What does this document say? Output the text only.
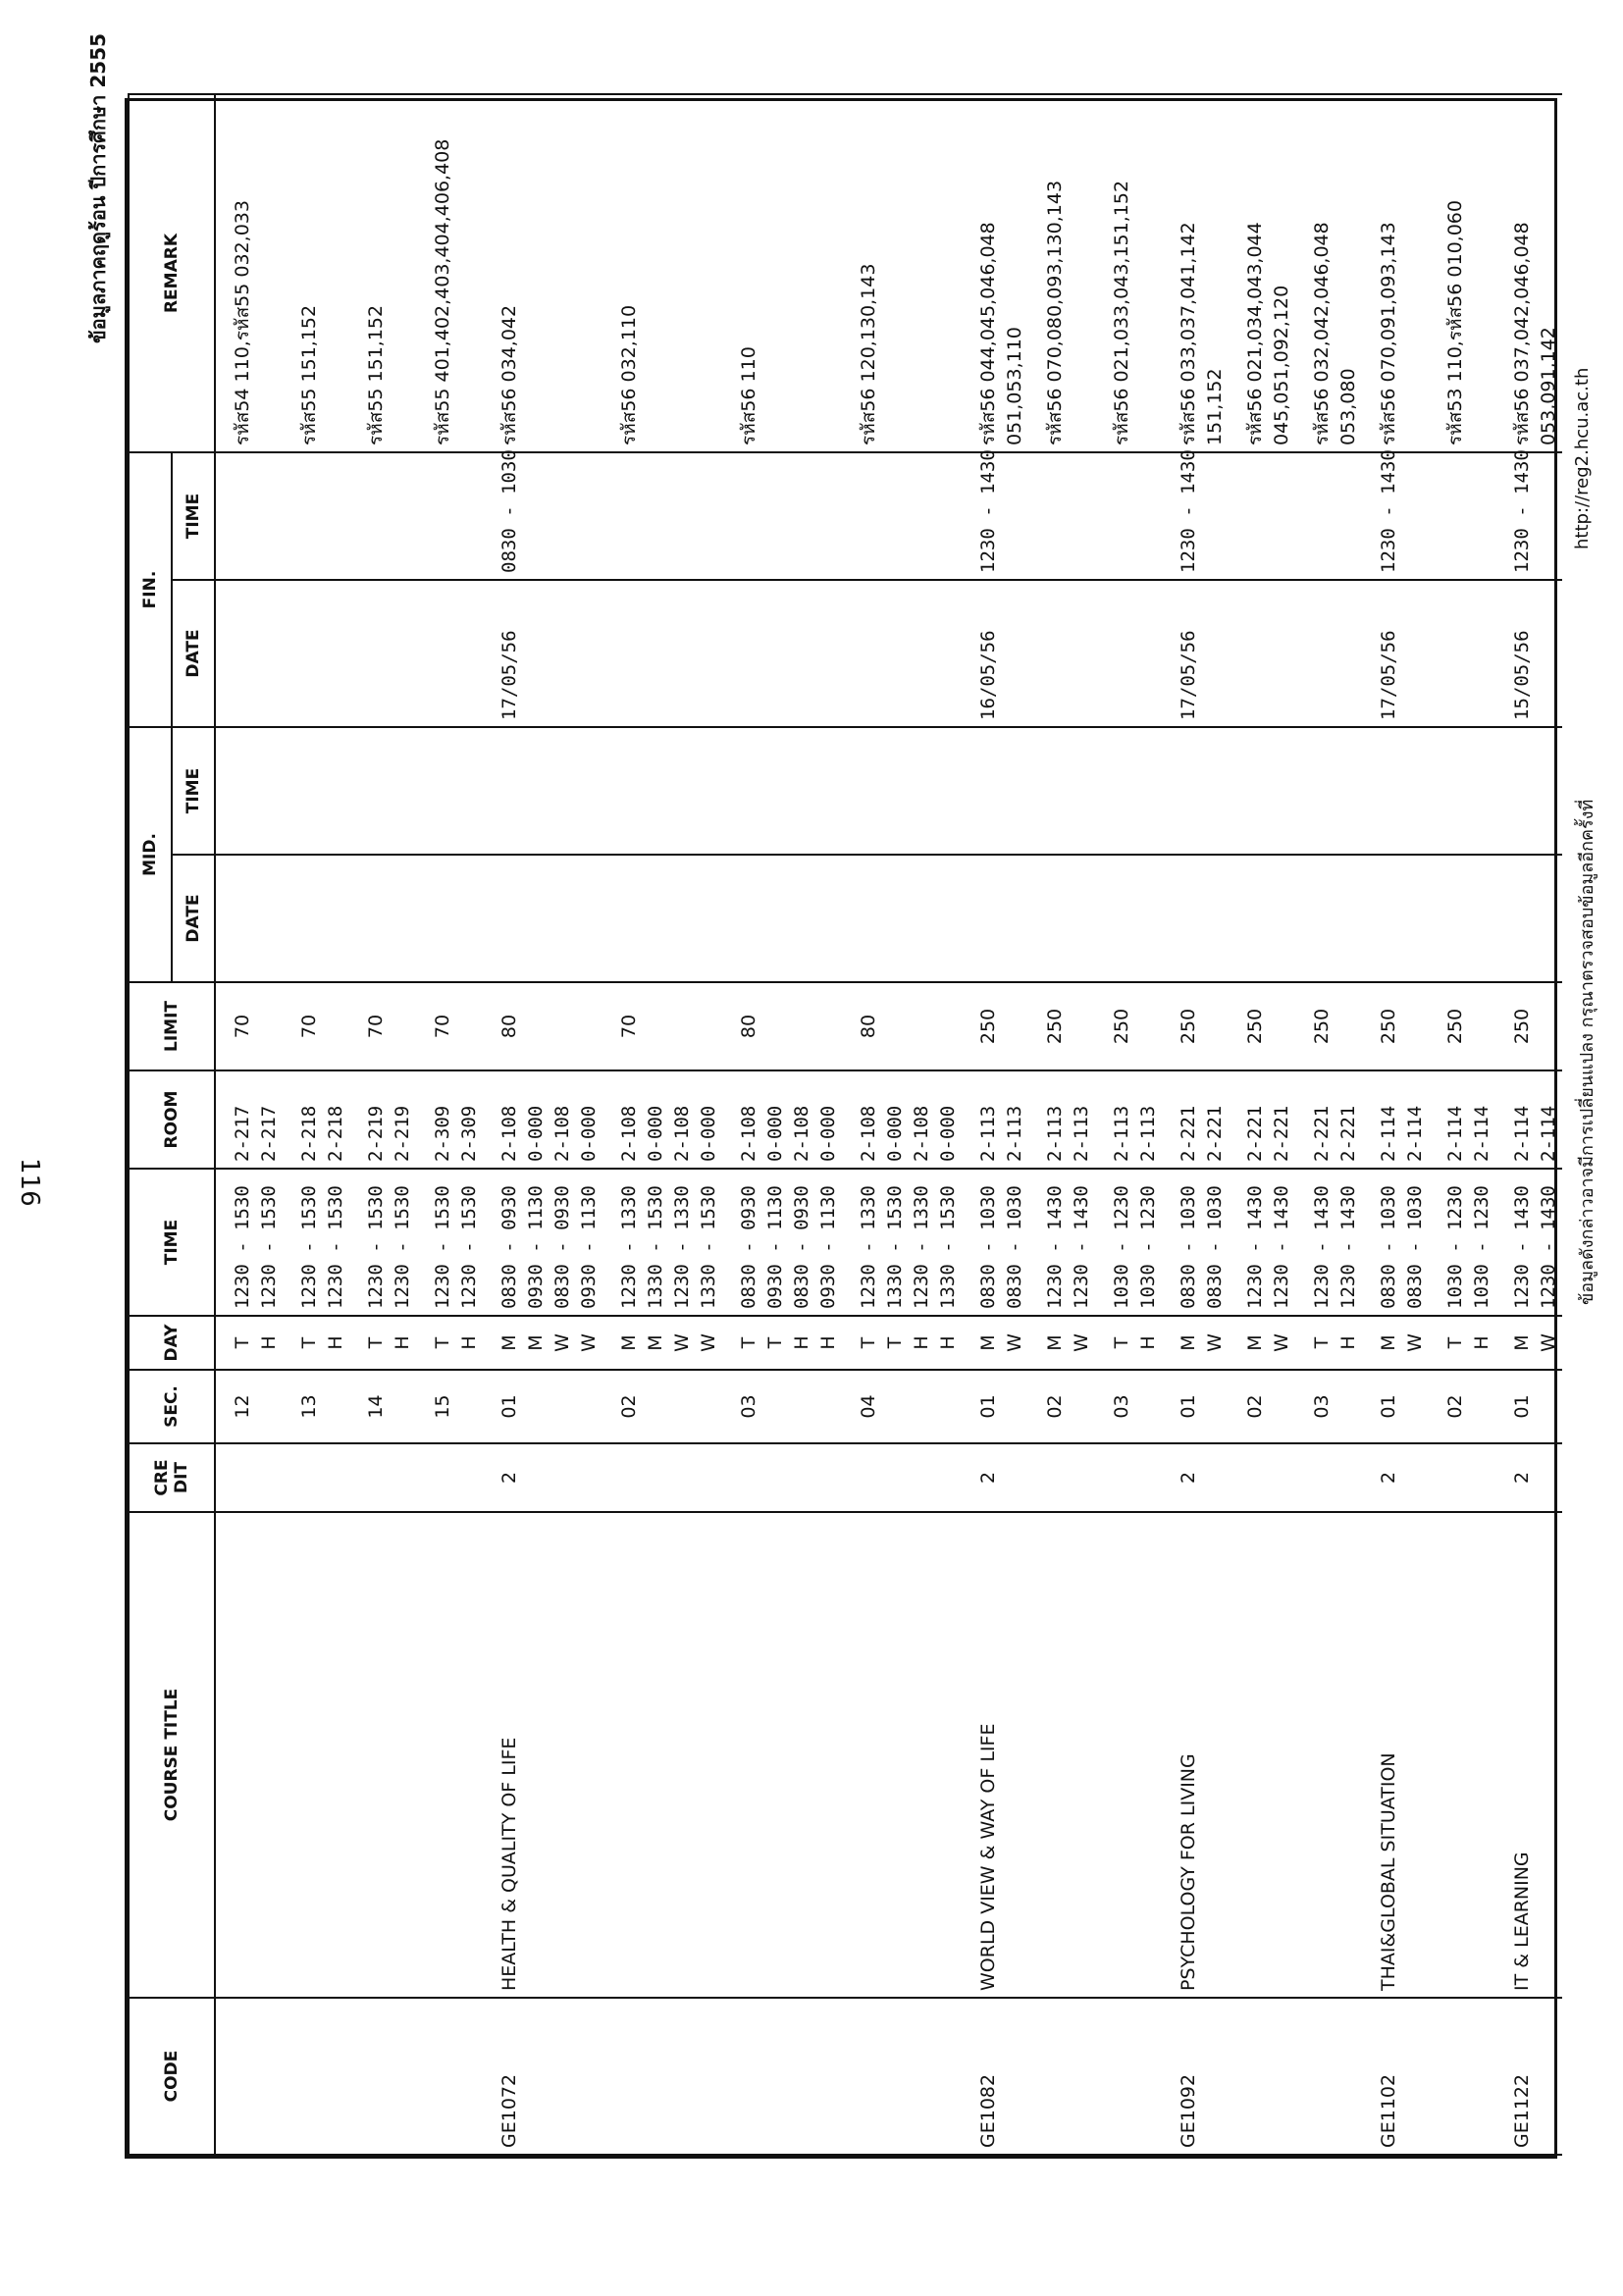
116
ข้อมูลภาคฤดูร้อน ปีการศึกษา 2555
CODE	COURSE TITLE	CRE DIT	SEC.	DAY	TIME	ROOM	LIMIT	MID.		FIN.		REMARK
								DATE	TIME	DATE	TIME	
			12	T	1230 - 1530	2-217	70					รหัส54 110,รหัส55 032,033
				H	1230 - 1530	2-217						
			13	T	1230 - 1530	2-218	70					รหัส55 151,152
				H	1230 - 1530	2-218						
			14	T	1230 - 1530	2-219	70					รหัส55 151,152
				H	1230 - 1530	2-219						
			15	T	1230 - 1530	2-309	70					รหัส55 401,402,403,404,406,408
				H	1230 - 1530	2-309						
GE1072	HEALTH & QUALITY OF LIFE	2	01	M	0830 - 0930	2-108	80			17/05/56	0830 - 1030	รหัส56 034,042
				M	0930 - 1130	0-000						
				W	0830 - 0930	2-108						
				W	0930 - 1130	0-000						
			02	M	1230 - 1330	2-108	70					รหัส56 032,110
				M	1330 - 1530	0-000						
				W	1230 - 1330	2-108						
				W	1330 - 1530	0-000						
			03	T	0830 - 0930	2-108	80					รหัส56 110
				T	0930 - 1130	0-000						
				H	0830 - 0930	2-108						
				H	0930 - 1130	0-000						
			04	T	1230 - 1330	2-108	80					รหัส56 120,130,143
				T	1330 - 1530	0-000						
				H	1230 - 1330	2-108						
				H	1330 - 1530	0-000						
GE1082	WORLD VIEW & WAY OF LIFE	2	01	M	0830 - 1030	2-113	250			16/05/56	1230 - 1430	รหัส56 044,045,046,048
				W	0830 - 1030	2-113						051,053,110
			02	M	1230 - 1430	2-113	250					รหัส56 070,080,093,130,143
				W	1230 - 1430	2-113						
			03	T	1030 - 1230	2-113	250					รหัส56 021,033,043,151,152
				H	1030 - 1230	2-113						
GE1092	PSYCHOLOGY FOR LIVING	2	01	M	0830 - 1030	2-221	250			17/05/56	1230 - 1430	รหัส56 033,037,041,142
				W	0830 - 1030	2-221						151,152
			02	M	1230 - 1430	2-221	250					รหัส56 021,034,043,044
				W	1230 - 1430	2-221						045,051,092,120
			03	T	1230 - 1430	2-221	250					รหัส56 032,042,046,048
				H	1230 - 1430	2-221						053,080
GE1102	THAI&GLOBAL SITUATION	2	01	M	0830 - 1030	2-114	250			17/05/56	1230 - 1430	รหัส56 070,091,093,143
				W	0830 - 1030	2-114						
			02	T	1030 - 1230	2-114	250					รหัส53 110,รหัส56 010,060
				H	1030 - 1230	2-114						
GE1122	IT & LEARNING	2	01	M	1230 - 1430	2-114	250			15/05/56	1230 - 1430	รหัส56 037,042,046,048
				W	1230 - 1430	2-114						053,091,142
ข้อมูลดังกล่าวอาจมีการเปลี่ยนแปลง กรุณาตรวจสอบข้อมูลอีกครั้งที่
http://reg2.hcu.ac.th
